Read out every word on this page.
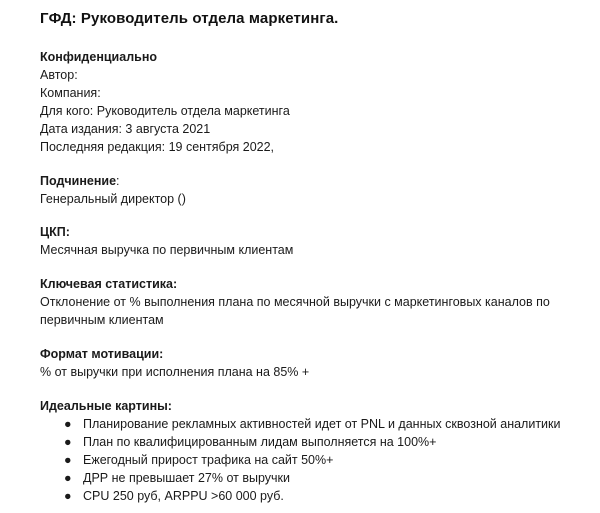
ГФД: Руководитель отдела маркетинга.
Конфиденциально
Автор:
Компания:
Для кого: Руководитель отдела маркетинга
Дата издания: 3 августа 2021
Последняя редакция: 19 сентября 2022,
Подчинение:
Генеральный директор ()
ЦКП:
Месячная выручка по первичным клиентам
Ключевая статистика:
Отклонение от % выполнения плана по месячной выручки с маркетинговых каналов по первичным клиентам
Формат мотивации:
% от выручки при исполнения плана на 85% +
Идеальные картины:
● Планирование рекламных активностей идет от PNL и данных сквозной аналитики
● План по квалифицированным лидам выполняется на 100%+
● Ежегодный прирост трафика на сайт 50%+
● ДРР не превышает 27% от выручки
● CPU 250 руб, ARPPU >60 000 руб.
